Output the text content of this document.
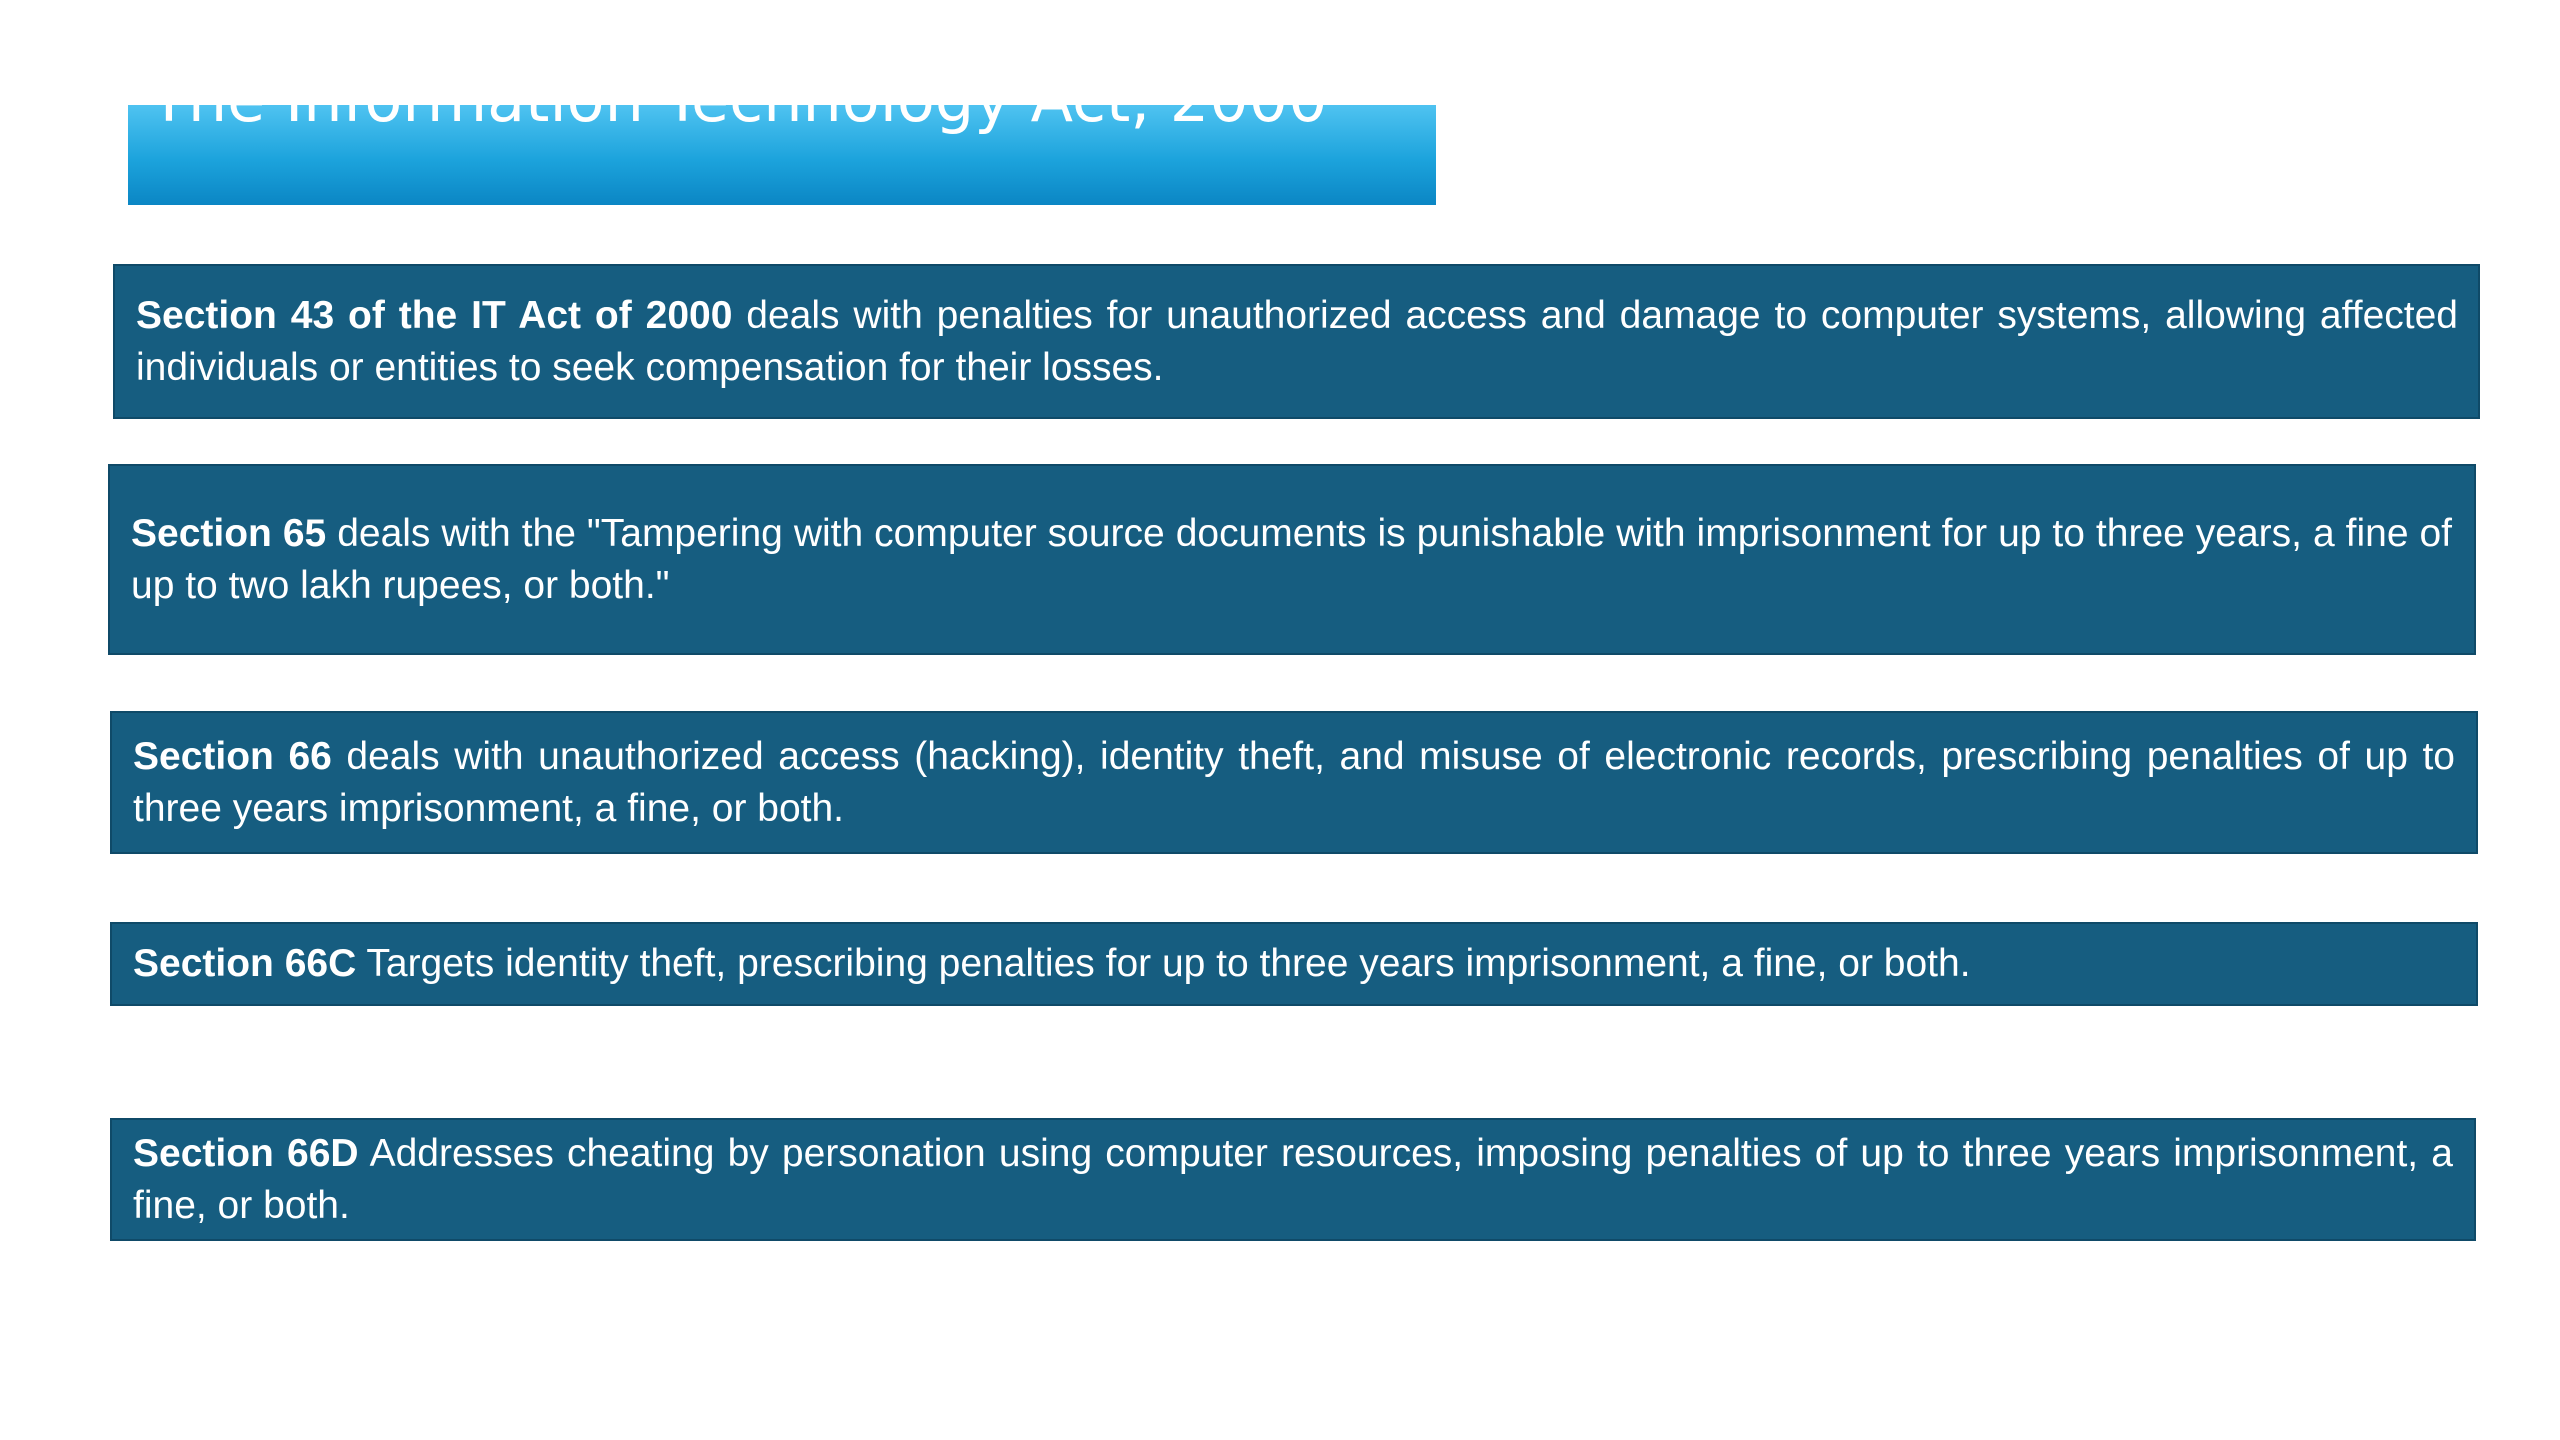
The Information Technology Act, 2000

Section 43 of the IT Act of 2000 deals with penalties for unauthorized access and damage to computer systems, allowing affected individuals or entities to seek compensation for their losses.

Section 65 deals with the "Tampering with computer source documents is punishable with imprisonment for up to three years, a fine of up to two lakh rupees, or both."

Section 66 deals with unauthorized access (hacking), identity theft, and misuse of electronic records, prescribing penalties of up to three years imprisonment, a fine, or both.

Section 66C Targets identity theft, prescribing penalties for up to three years imprisonment, a fine, or both.

Section 66D Addresses cheating by personation using computer resources, imposing penalties of up to three years imprisonment, a fine, or both.
